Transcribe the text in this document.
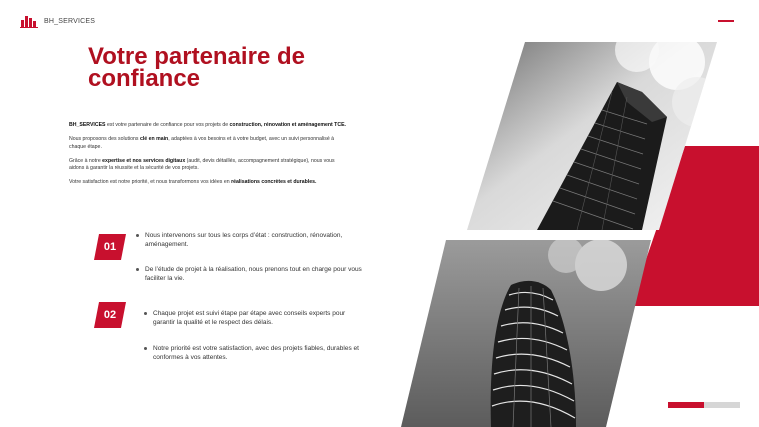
BH_SERVICES
Votre partenaire de
confiance

BH_SERVICES est votre partenaire de confiance pour vos projets de construction, rénovation et aménagement TCE.

Nous proposons des solutions clé en main, adaptées à vos besoins et à votre budget, avec un suivi personnalisé à chaque étape.

Grâce à notre expertise et nos services digitaux (audit, devis détaillés, accompagnement stratégique), nous vous aidons à garantir la réussite et la sécurité de vos projets.

Votre satisfaction est notre priorité, et nous transformons vos idées en réalisations concrètes et durables.

01
Nous intervenons sur tous les corps d’état : construction, rénovation, aménagement.
De l’étude de projet à la réalisation, nous prenons tout en charge pour vous faciliter la vie.
02	Chaque projet est suivi étape par étape avec conseils experts pour garantir la qualité et le respect des délais.
Notre priorité est votre satisfaction, avec des projets fiables, durables et conformes à vos attentes.
